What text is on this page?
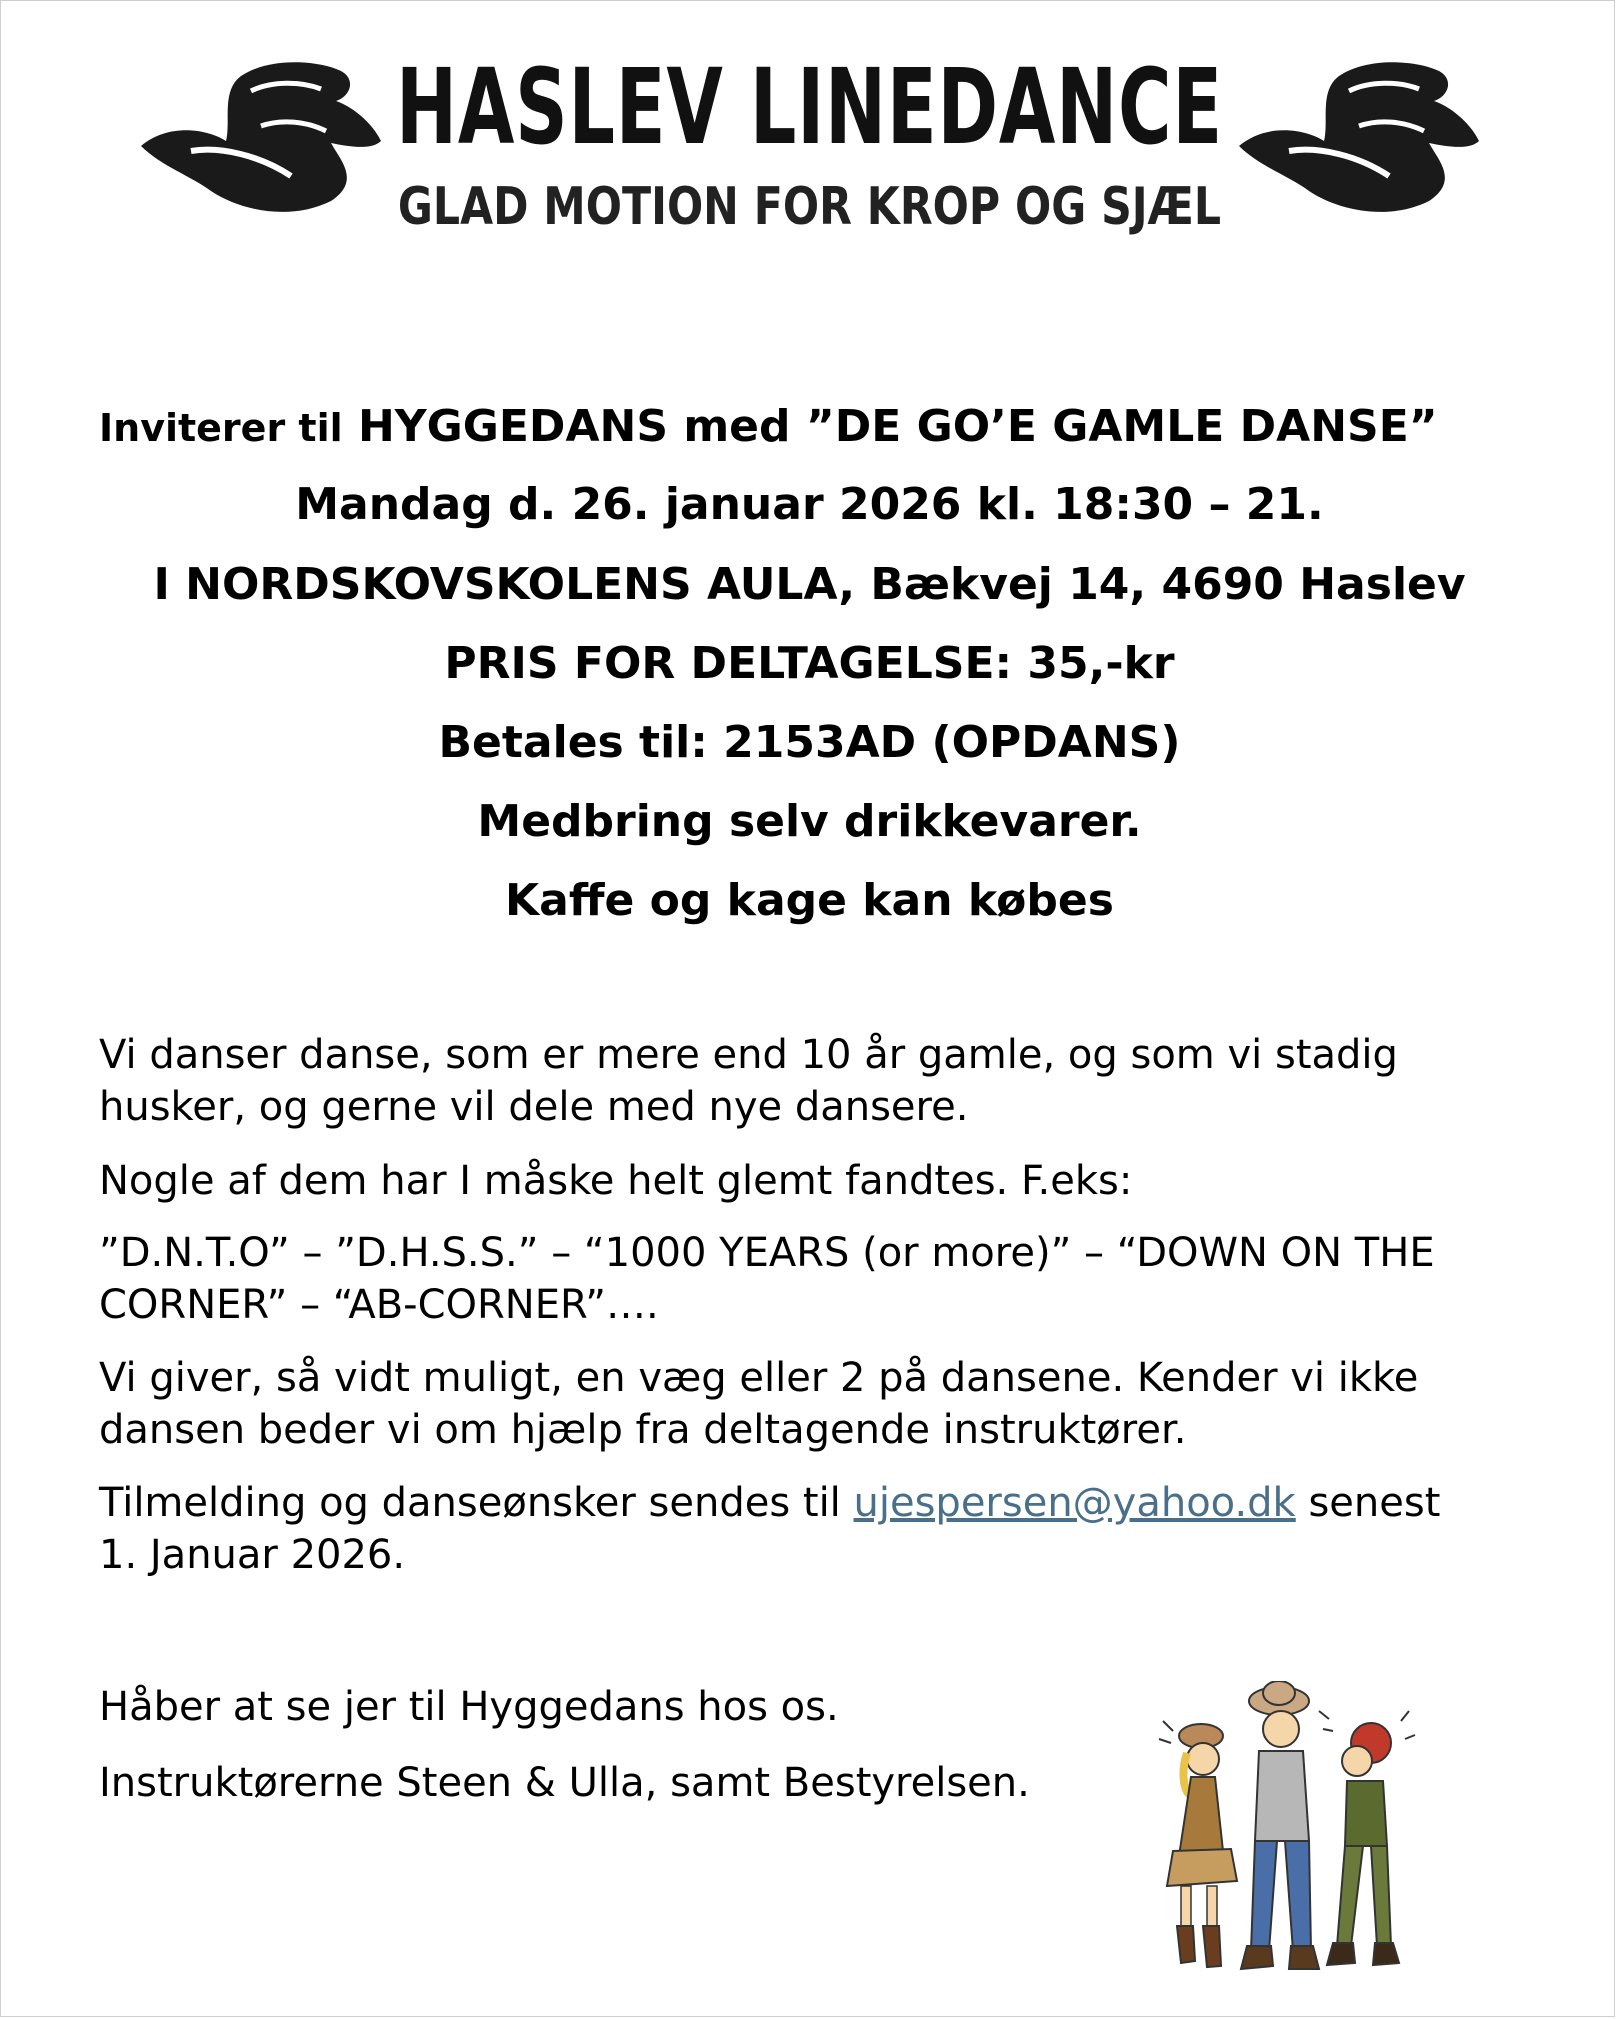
HASLEV LINEDANCE
GLAD MOTION FOR KROP OG SJÆL
Inviterer til HYGGEDANS med ”DE GO’E GAMLE DANSE”
Mandag d. 26. januar 2026 kl. 18:30 – 21.
I NORDSKOVSKOLENS AULA, Bækvej 14, 4690 Haslev
PRIS FOR DELTAGELSE: 35,-kr
Betales til: 2153AD (OPDANS)
Medbring selv drikkevarer.
Kaffe og kage kan købes
Vi danser danse, som er mere end 10 år gamle, og som vi stadig
husker, og gerne vil dele med nye dansere.
Nogle af dem har I måske helt glemt fandtes. F.eks:
”D.N.T.O” – ”D.H.S.S.” – “1000 YEARS (or more)” – “DOWN ON THE
CORNER” – “AB-CORNER”….
Vi giver, så vidt muligt, en væg eller 2 på dansene. Kender vi ikke
dansen beder vi om hjælp fra deltagende instruktører.
Tilmelding og danseønsker sendes til ujespersen@yahoo.dk senest
1. Januar 2026.
Håber at se jer til Hyggedans hos os.
Instruktørerne Steen & Ulla, samt Bestyrelsen.
